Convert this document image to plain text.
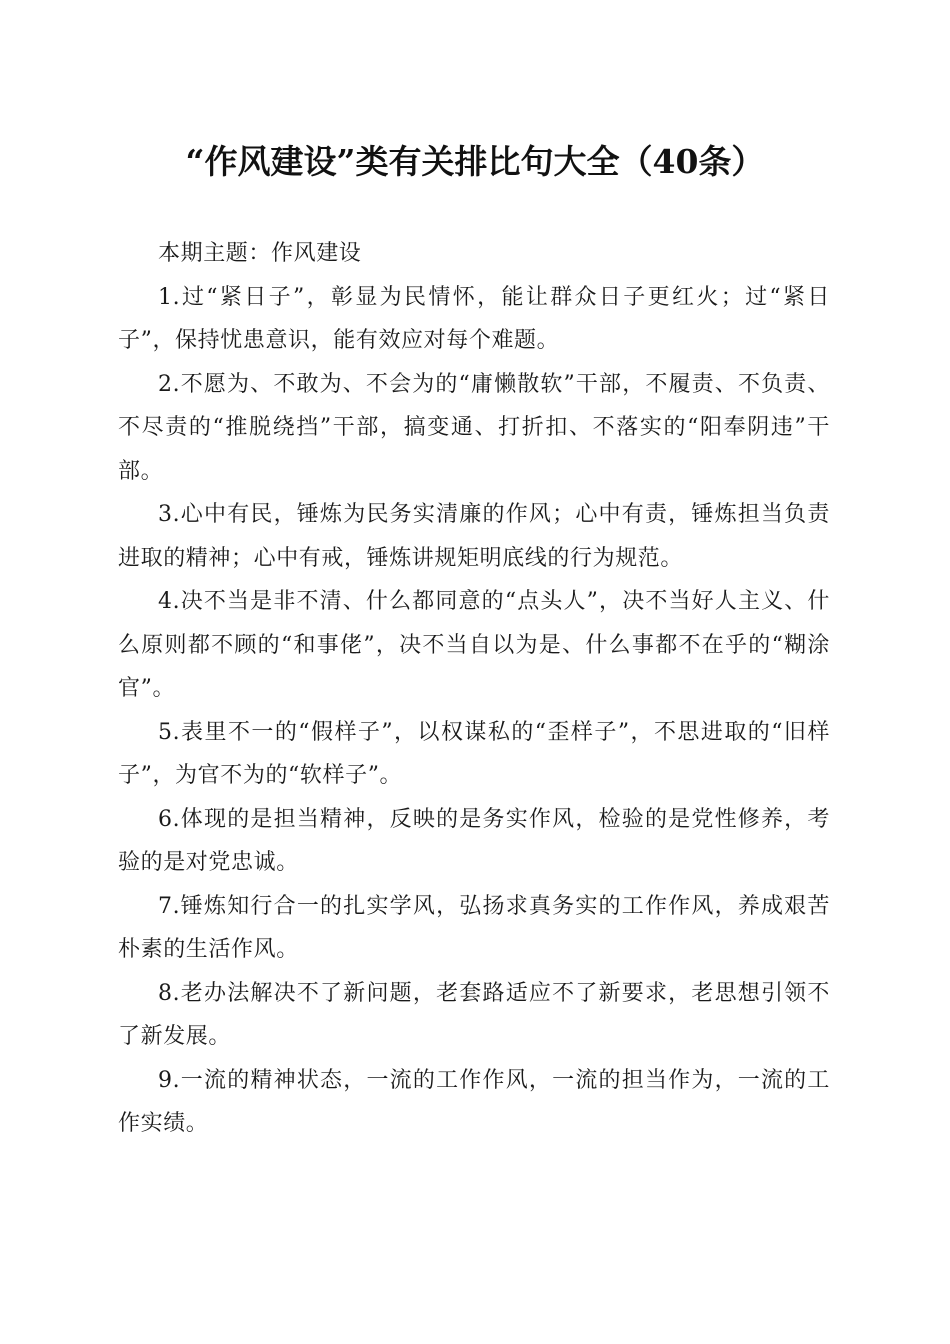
“作风建设”类有关排比句大全（40条）

本期主题：作风建设

1.过“紧日子”，彰显为民情怀，能让群众日子更红火；过“紧日子”，保持忧患意识，能有效应对每个难题。

2.不愿为、不敢为、不会为的“庸懒散软”干部，不履责、不负责、不尽责的“推脱绕挡”干部，搞变通、打折扣、不落实的“阳奉阴违”干部。

3.心中有民，锤炼为民务实清廉的作风；心中有责，锤炼担当负责进取的精神；心中有戒，锤炼讲规矩明底线的行为规范。

4.决不当是非不清、什么都同意的“点头人”，决不当好人主义、什么原则都不顾的“和事佬”，决不当自以为是、什么事都不在乎的“糊涂官”。

5.表里不一的“假样子”，以权谋私的“歪样子”，不思进取的“旧样子”，为官不为的“软样子”。

6.体现的是担当精神，反映的是务实作风，检验的是党性修养，考验的是对党忠诚。

7.锤炼知行合一的扎实学风，弘扬求真务实的工作作风，养成艰苦朴素的生活作风。

8.老办法解决不了新问题，老套路适应不了新要求，老思想引领不了新发展。

9.一流的精神状态，一流的工作作风，一流的担当作为，一流的工作实绩。
